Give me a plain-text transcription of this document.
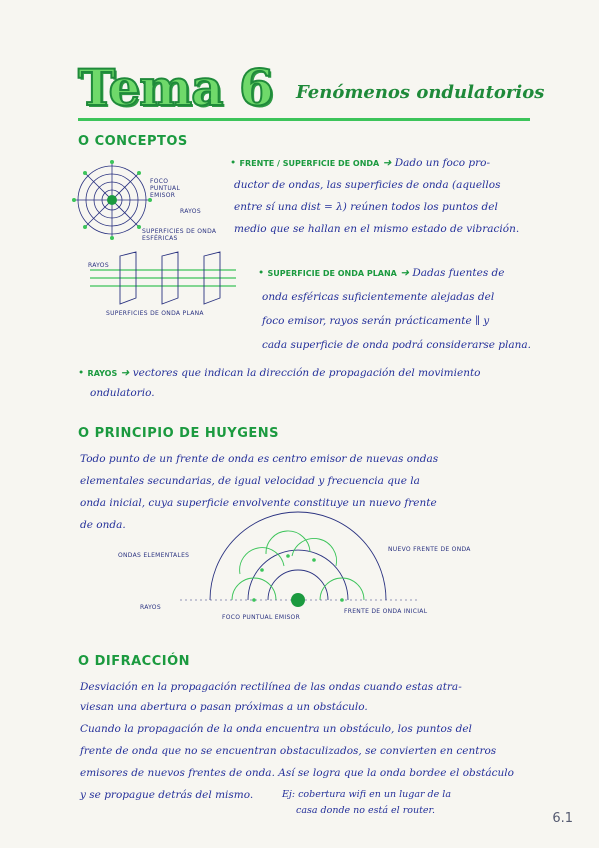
Tema 6 Fenómenos ondulatorios
O CONCEPTOS
FOCO PUNTUAL EMISOR
RAYOS
SUPERFICIES DE ONDA ESFÉRICAS
• FRENTE / SUPERFICIE DE ONDA ➜ Dado un foco pro-
ductor de ondas, las superficies de onda (aquellos
entre sí una dist = λ) reúnen todos los puntos del
medio que se hallan en el mismo estado de vibración.
RAYOS
SUPERFICIES DE ONDA PLANA
• SUPERFICIE DE ONDA PLANA ➜ Dadas fuentes de
onda esféricas suficientemente alejadas del
foco emisor, rayos serán prácticamente ∥ y
cada superficie de onda podrá considerarse plana.
• RAYOS ➜ vectores que indican la dirección de propagación del movimiento
ondulatorio.
O PRINCIPIO DE HUYGENS
Todo punto de un frente de onda es centro emisor de nuevas ondas
elementales secundarias, de igual velocidad y frecuencia que la
onda inicial, cuya superficie envolvente constituye un nuevo frente
de onda.
ONDAS ELEMENTALES
NUEVO FRENTE DE ONDA
RAYOS
FOCO PUNTUAL EMISOR
FRENTE DE ONDA INICIAL
O DIFRACCIÓN
Desviación en la propagación rectilínea de las ondas cuando estas atra-
viesan una abertura o pasan próximas a un obstáculo.
Cuando la propagación de la onda encuentra un obstáculo, los puntos del
frente de onda que no se encuentran obstaculizados, se convierten en centros
emisores de nuevos frentes de onda. Así se logra que la onda bordee el obstáculo
y se propague detrás del mismo.	Ej: cobertura wifi en un lugar de la
casa donde no está el router.
6.1
